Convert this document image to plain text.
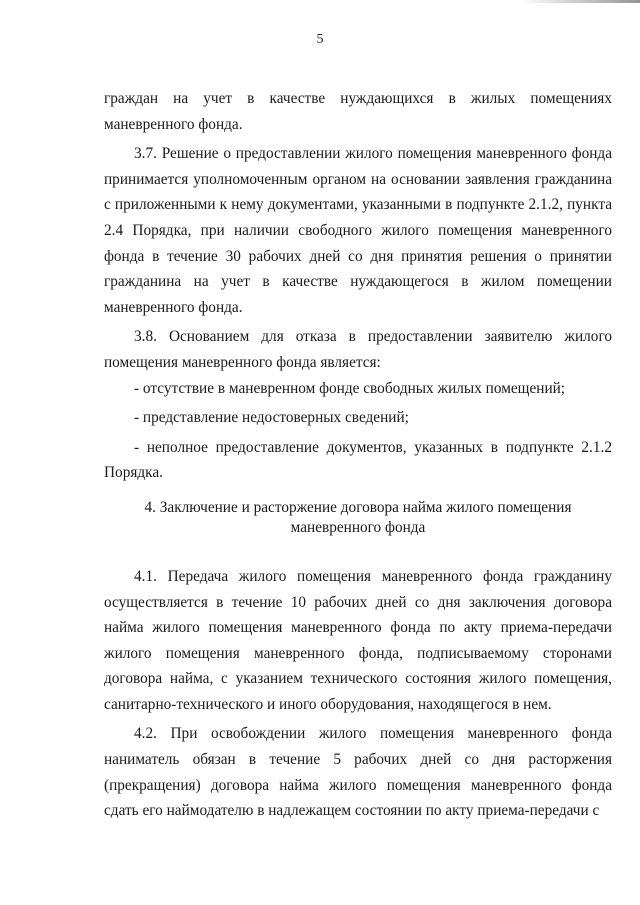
5

граждан на учет в качестве нуждающихся в жилых помещениях маневренного фонда.

3.7. Решение о предоставлении жилого помещения маневренного фонда принимается уполномоченным органом на основании заявления гражданина с приложенными к нему документами, указанными в подпункте 2.1.2, пункта 2.4 Порядка, при наличии свободного жилого помещения маневренного фонда в течение 30 рабочих дней со дня принятия решения о принятии гражданина на учет в качестве нуждающегося в жилом помещении маневренного фонда.

3.8. Основанием для отказа в предоставлении заявителю жилого помещения маневренного фонда является:

- отсутствие в маневренном фонде свободных жилых помещений;

- представление недостоверных сведений;

- неполное предоставление документов, указанных в подпункте 2.1.2 Порядка.

4. Заключение и расторжение договора найма жилого помещения
маневренного фонда

4.1. Передача жилого помещения маневренного фонда гражданину осуществляется в течение 10 рабочих дней со дня заключения договора найма жилого помещения маневренного фонда по акту приема-передачи жилого помещения маневренного фонда, подписываемому сторонами договора найма, с указанием технического состояния жилого помещения, санитарно-технического и иного оборудования, находящегося в нем.

4.2. При освобождении жилого помещения маневренного фонда наниматель обязан в течение 5 рабочих дней со дня расторжения (прекращения) договора найма жилого помещения маневренного фонда сдать его наймодателю в надлежащем состоянии по акту приема-передачи с
